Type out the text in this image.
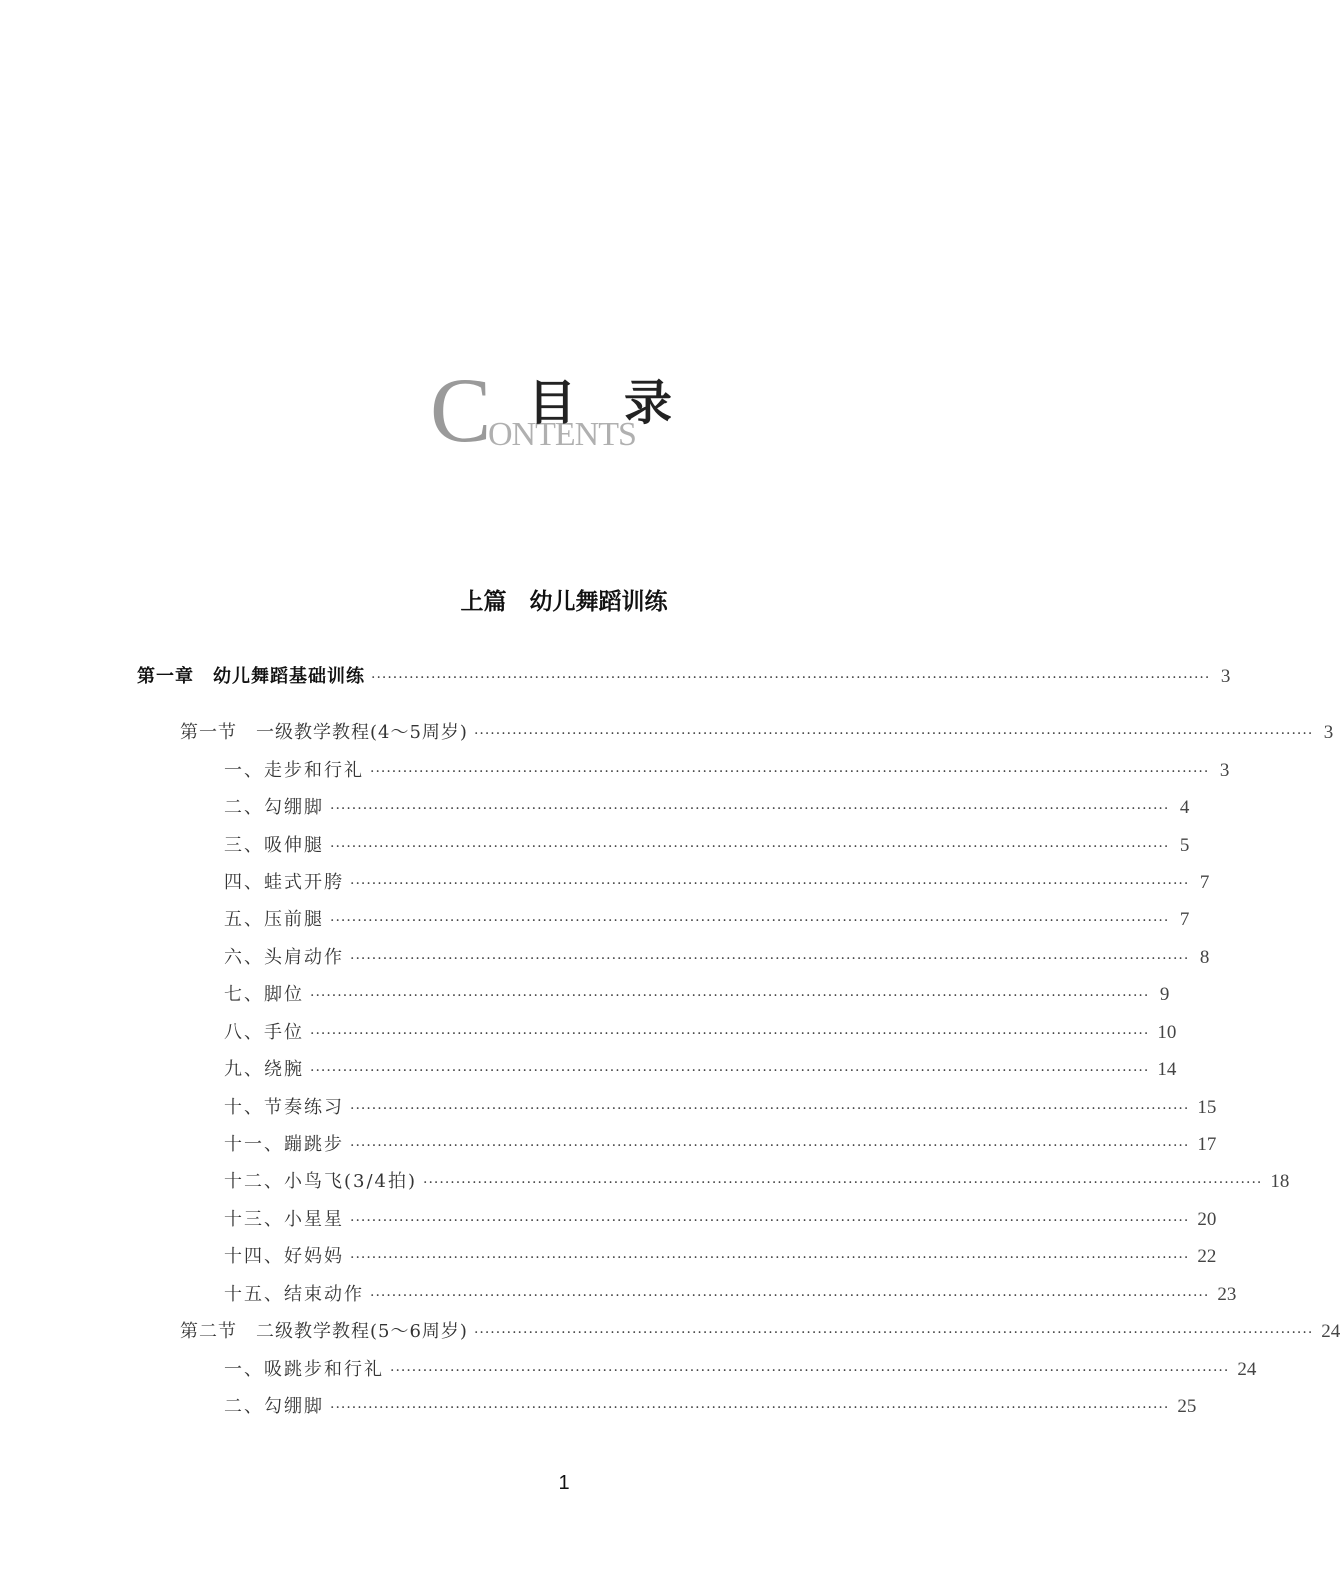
C
ONTENTS
目录
上篇　幼儿舞蹈训练
第一章　幼儿舞蹈基础训练 ·························································································································································· 3
第一节　一级教学教程(4～5周岁) ·························································································································································· 3
一、走步和行礼 ·························································································································································· 3
二、勾绷脚 ·························································································································································· 4
三、吸伸腿 ·························································································································································· 5
四、蛙式开胯 ·························································································································································· 7
五、压前腿 ·························································································································································· 7
六、头肩动作 ·························································································································································· 8
七、脚位 ·························································································································································· 9
八、手位 ·························································································································································· 10
九、绕腕 ·························································································································································· 14
十、节奏练习 ·························································································································································· 15
十一、蹦跳步 ·························································································································································· 17
十二、小鸟飞(3/4拍) ·························································································································································· 18
十三、小星星 ·························································································································································· 20
十四、好妈妈 ·························································································································································· 22
十五、结束动作 ·························································································································································· 23
第二节　二级教学教程(5～6周岁) ·························································································································································· 24
一、吸跳步和行礼 ·························································································································································· 24
二、勾绷脚 ·························································································································································· 25
1
